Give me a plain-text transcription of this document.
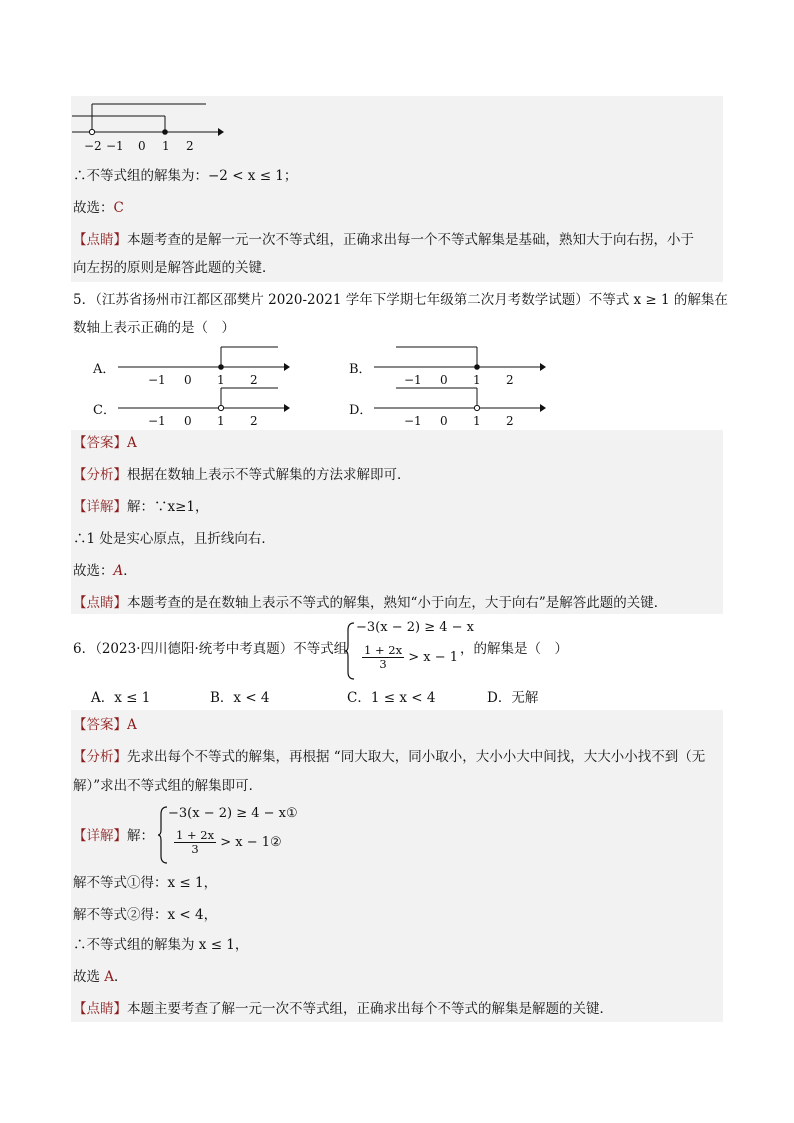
−2 −1 0 1 2
∴不等式组的解集为：−2 < x ≤ 1；
故选：C
【点睛】本题考查的是解一元一次不等式组，正确求出每一个不等式解集是基础，熟知大于向右拐，小于
向左拐的原则是解答此题的关键．
5．（江苏省扬州市江都区邵樊片 2020-2021 学年下学期七年级第二次月考数学试题）不等式 x ≥ 1 的解集在
数轴上表示正确的是（　）
A．
−1 0 1 2
B．
−1 0 1 2
C．
−1 0 1 2
D．
−1 0 1 2
【答案】A
【分析】根据在数轴上表示不等式解集的方法求解即可．
【详解】解：∵x≥1，
∴1 处是实心原点，且折线向右．
故选：A．
【点睛】本题考查的是在数轴上表示不等式的解集，熟知“小于向左，大于向右”是解答此题的关键．
6．（2023·四川德阳·统考中考真题）不等式组
−3(x − 2) ≥ 4 − x
$\frac{1 + 2x}{3} > x - 1$
，的解集是（　）
A．x ≤ 1	B．x < 4	C．1 ≤ x < 4	D．无解
【答案】A
【分析】先求出每个不等式的解集，再根据 “同大取大，同小取小，大小小大中间找，大大小小找不到（无
解）”求出不等式组的解集即可．
【详解】解：
−3(x − 2) ≥ 4 − x①
$\frac{1 + 2x}{3} > x$ − 1②
解不等式①得：x ≤ 1，
解不等式②得：x < 4，
∴不等式组的解集为 x ≤ 1，
故选 A．
【点睛】本题主要考查了解一元一次不等式组，正确求出每个不等式的解集是解题的关键．
